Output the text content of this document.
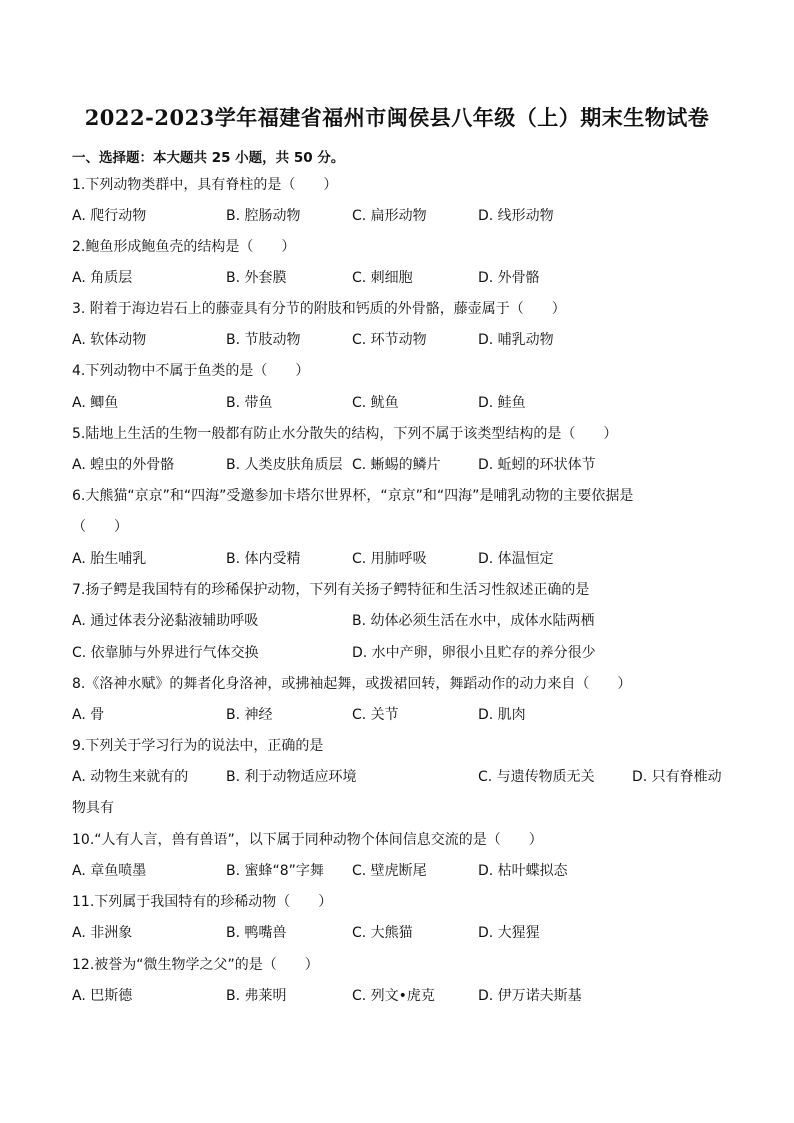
2022-2023学年福建省福州市闽侯县八年级（上）期末生物试卷
一、选择题：本大题共 25 小题，共 50 分。
1.下列动物类群中，具有脊柱的是（　　）
A. 爬行动物	B. 腔肠动物	C. 扁形动物	D. 线形动物
2.鲍鱼形成鲍鱼壳的结构是（　　）
A. 角质层	B. 外套膜	C. 刺细胞	D. 外骨骼
3. 附着于海边岩石上的藤壶具有分节的附肢和钙质的外骨骼，藤壶属于（　　）
A. 软体动物	B. 节肢动物	C. 环节动物	D. 哺乳动物
4.下列动物中不属于鱼类的是（　　）
A. 鲫鱼	B. 带鱼	C. 鱿鱼	D. 鲑鱼
5.陆地上生活的生物一般都有防止水分散失的结构，下列不属于该类型结构的是（　　）
A. 蝗虫的外骨骼	B. 人类皮肤角质层 C. 蜥蜴的鳞片	D. 蚯蚓的环状体节
6.大熊猫“京京”和“四海”受邀参加卡塔尔世界杯，“京京”和“四海”是哺乳动物的主要依据是
（　　）
A. 胎生哺乳	B. 体内受精	C. 用肺呼吸	D. 体温恒定
7.扬子鳄是我国特有的珍稀保护动物，下列有关扬子鳄特征和生活习性叙述正确的是
A. 通过体表分泌黏液辅助呼吸	B. 幼体必须生活在水中，成体水陆两栖
C. 依靠肺与外界进行气体交换	D. 水中产卵，卵很小且贮存的养分很少
8.《洛神水赋》的舞者化身洛神，或拂袖起舞，或拨裙回转，舞蹈动作的动力来自（　　）
A. 骨	B. 神经	C. 关节	D. 肌肉
9.下列关于学习行为的说法中，正确的是
A. 动物生来就有的	B. 利于动物适应环境	C. 与遗传物质无关	D. 只有脊椎动
物具有
10.“人有人言，兽有兽语”，以下属于同种动物个体间信息交流的是（　　）
A. 章鱼喷墨	B. 蜜蜂“8”字舞 C. 壁虎断尾	D. 枯叶蝶拟态
11.下列属于我国特有的珍稀动物（　　）
A. 非洲象	B. 鸭嘴兽	C. 大熊猫	D. 大猩猩
12.被誉为“微生物学之父”的是（　　）
A. 巴斯德	B. 弗莱明	C. 列文•虎克	D. 伊万诺夫斯基
